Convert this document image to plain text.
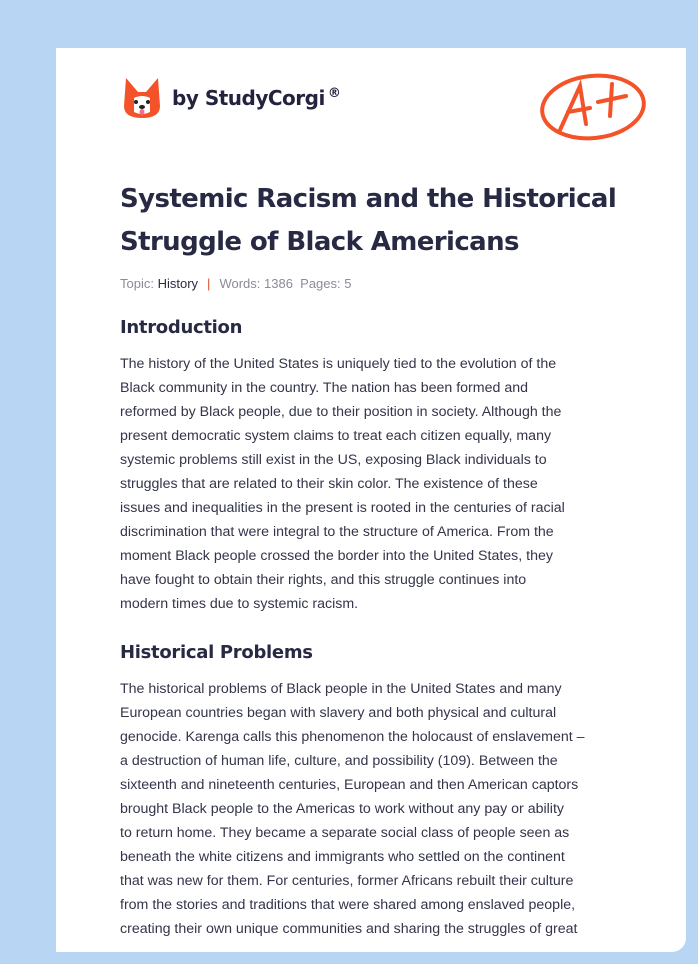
by StudyCorgi ®
Systemic Racism and the Historical
Struggle of Black Americans
Topic: History | Words: 1386 Pages: 5
Introduction

The history of the United States is uniquely tied to the evolution of the
Black community in the country. The nation has been formed and
reformed by Black people, due to their position in society. Although the
present democratic system claims to treat each citizen equally, many
systemic problems still exist in the US, exposing Black individuals to
struggles that are related to their skin color. The existence of these
issues and inequalities in the present is rooted in the centuries of racial
discrimination that were integral to the structure of America. From the
moment Black people crossed the border into the United States, they
have fought to obtain their rights, and this struggle continues into
modern times due to systemic racism.

Historical Problems

The historical problems of Black people in the United States and many
European countries began with slavery and both physical and cultural
genocide. Karenga calls this phenomenon the holocaust of enslavement –
a destruction of human life, culture, and possibility (109). Between the
sixteenth and nineteenth centuries, European and then American captors
brought Black people to the Americas to work without any pay or ability
to return home. They became a separate social class of people seen as
beneath the white citizens and immigrants who settled on the continent
that was new for them. For centuries, former Africans rebuilt their culture
from the stories and traditions that were shared among enslaved people,
creating their own unique communities and sharing the struggles of great
